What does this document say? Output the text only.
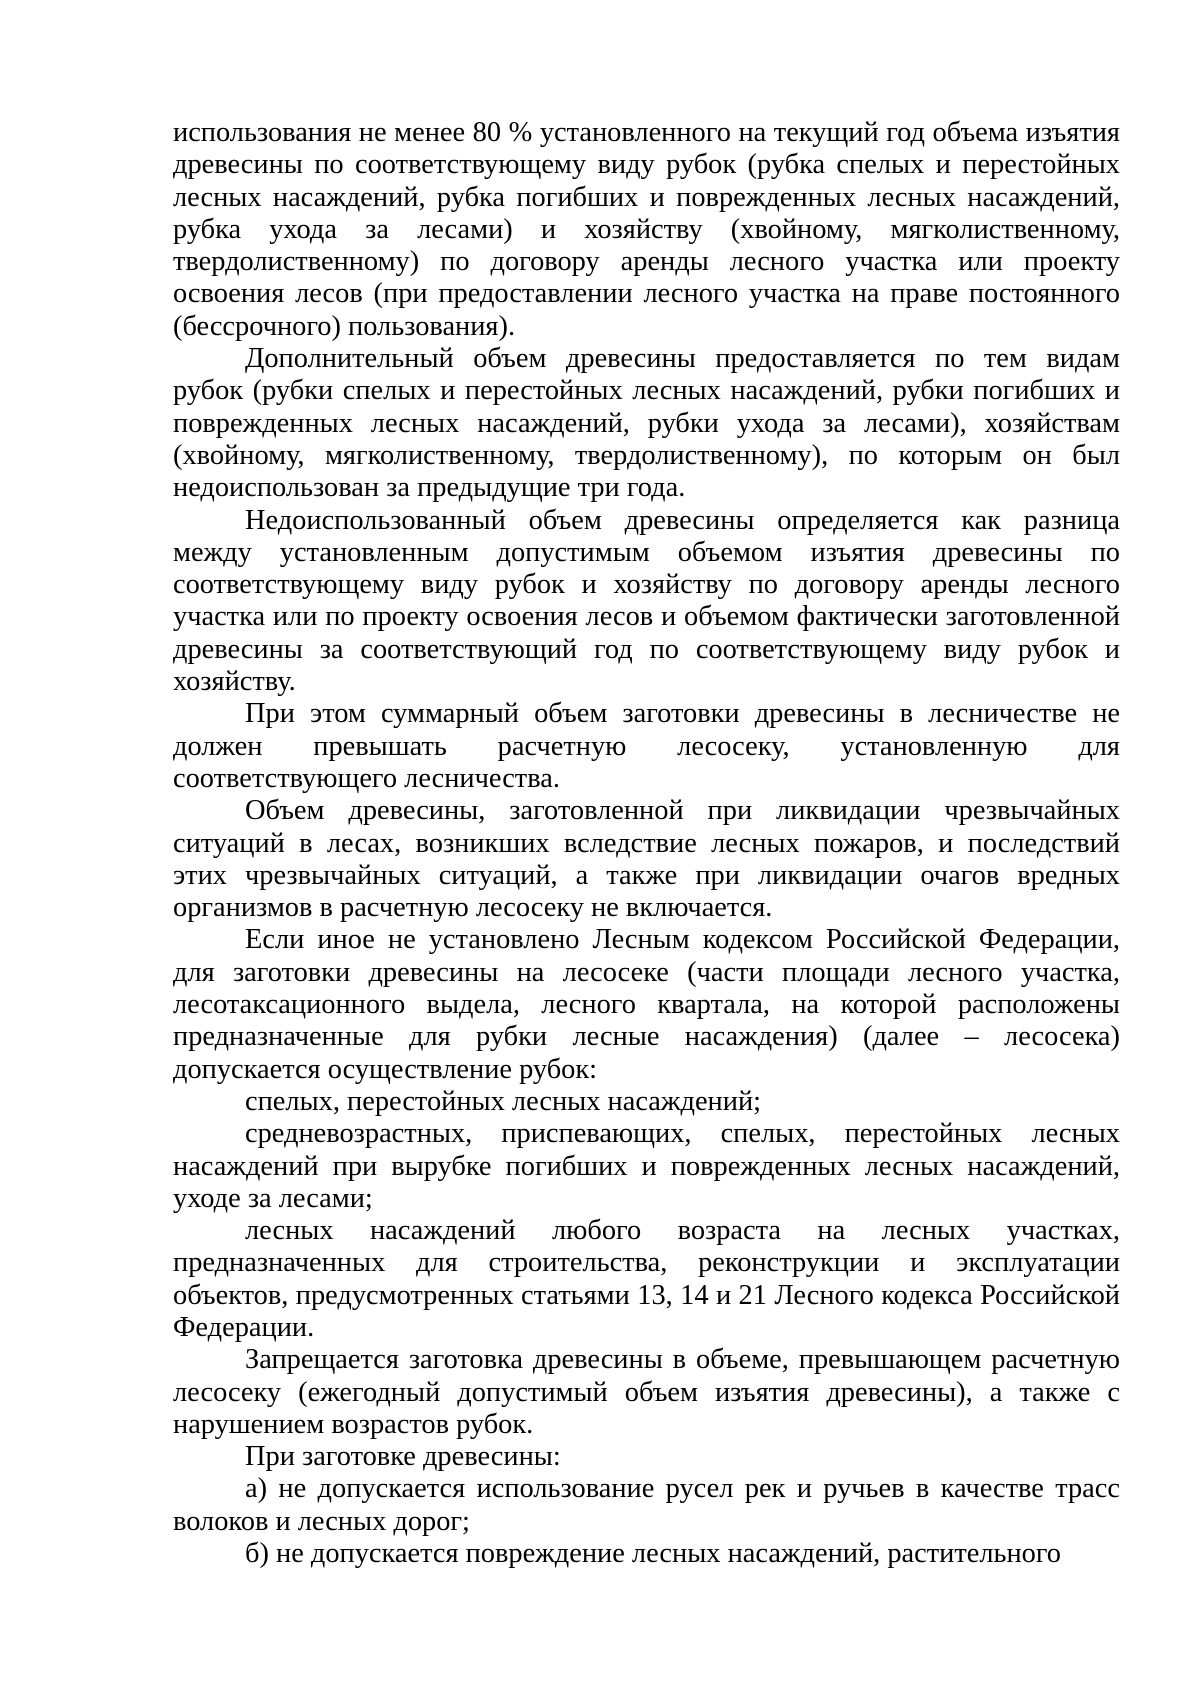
использования не менее 80 % установленного на текущий год объема изъятия древесины по соответствующему виду рубок (рубка спелых и перестойных лесных насаждений, рубка погибших и поврежденных лесных насаждений, рубка ухода за лесами) и хозяйству (хвойному, мягколиственному, твердолиственному) по договору аренды лесного участка или проекту освоения лесов (при предоставлении лесного участка на праве постоянного (бессрочного) пользования).

Дополнительный объем древесины предоставляется по тем видам рубок (рубки спелых и перестойных лесных насаждений, рубки погибших и поврежденных лесных насаждений, рубки ухода за лесами), хозяйствам (хвойному, мягколиственному, твердолиственному), по которым он был недоиспользован за предыдущие три года.

Недоиспользованный объем древесины определяется как разница между установленным допустимым объемом изъятия древесины по соответствующему виду рубок и хозяйству по договору аренды лесного участка или по проекту освоения лесов и объемом фактически заготовленной древесины за соответствующий год по соответствующему виду рубок и хозяйству.

При этом суммарный объем заготовки древесины в лесничестве не должен превышать расчетную лесосеку, установленную для соответствующего лесничества.

Объем древесины, заготовленной при ликвидации чрезвычайных ситуаций в лесах, возникших вследствие лесных пожаров, и последствий этих чрезвычайных ситуаций, а также при ликвидации очагов вредных организмов в расчетную лесосеку не включается.

Если иное не установлено Лесным кодексом Российской Федерации, для заготовки древесины на лесосеке (части площади лесного участка, лесотаксационного выдела, лесного квартала, на которой расположены предназначенные для рубки лесные насаждения) (далее – лесосека) допускается осуществление рубок:

спелых, перестойных лесных насаждений;

средневозрастных, приспевающих, спелых, перестойных лесных насаждений при вырубке погибших и поврежденных лесных насаждений, уходе за лесами;

лесных насаждений любого возраста на лесных участках, предназначенных для строительства, реконструкции и эксплуатации объектов, предусмотренных статьями 13, 14 и 21 Лесного кодекса Российской Федерации.

Запрещается заготовка древесины в объеме, превышающем расчетную лесосеку (ежегодный допустимый объем изъятия древесины), а также с нарушением возрастов рубок.

При заготовке древесины:

а) не допускается использование русел рек и ручьев в качестве трасс волоков и лесных дорог;

б) не допускается повреждение лесных насаждений, растительного
